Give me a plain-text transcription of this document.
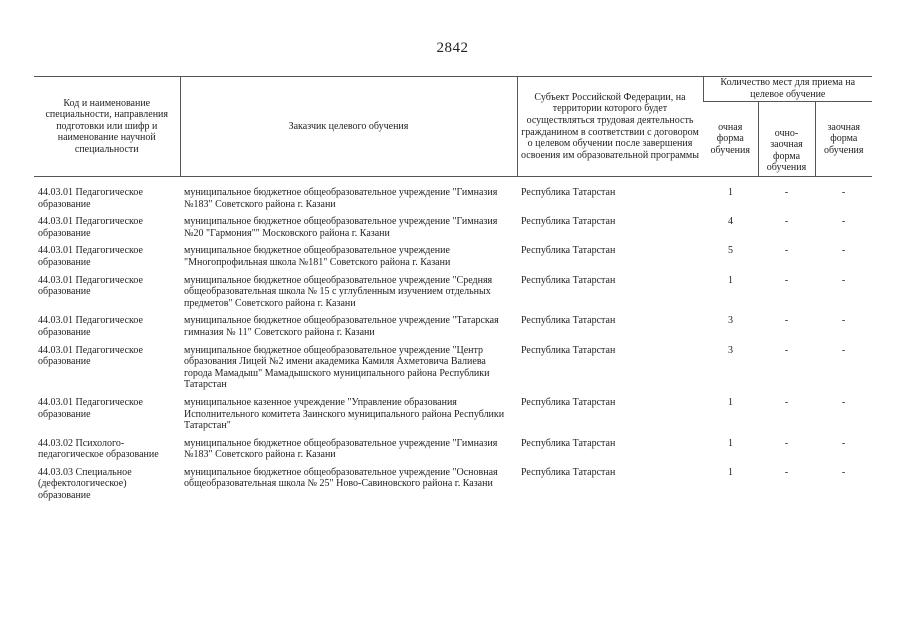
2842
Код и наименование специальности, направления подготовки или шифр и наименование научной специальности	Заказчик целевого обучения	Субъект Российской Федерации, на территории которого будет осуществляться трудовая деятельность гражданином в соответствии с договором о целевом обучении после завершения освоения им образовательной программы	Количество мест для приема на целевое обучение		
			очная форма обучения	очно-заочная форма обучения	заочная форма обучения

44.03.01 Педагогическое образование	муниципальное бюджетное общеобразовательное учреждение "Гимназия №183" Советского района г. Казани	Республика Татарстан	1	-	-
44.03.01 Педагогическое образование	муниципальное бюджетное общеобразовательное учреждение "Гимназия №20 "Гармония"" Московского района г. Казани	Республика Татарстан	4	-	-
44.03.01 Педагогическое образование	муниципальное бюджетное общеобразовательное учреждение "Многопрофильная школа №181" Советского района г. Казани	Республика Татарстан	5	-	-
44.03.01 Педагогическое образование	муниципальное бюджетное общеобразовательное учреждение "Средняя общеобразовательная школа № 15 с углубленным изучением отдельных предметов" Советского района г. Казани	Республика Татарстан	1	-	-
44.03.01 Педагогическое образование	муниципальное бюджетное общеобразовательное учреждение "Татарская гимназия № 11" Советского района г. Казани	Республика Татарстан	3	-	-
44.03.01 Педагогическое образование	муниципальное бюджетное общеобразовательное учреждение "Центр образования Лицей №2 имени академика Камиля Ахметовича Валиева города Мамадыш" Мамадышского муниципального района Республики Татарстан	Республика Татарстан	3	-	-
44.03.01 Педагогическое образование	муниципальное казенное учреждение "Управление образования Исполнительного комитета Заинского муниципального района Республики Татарстан"	Республика Татарстан	1	-	-
44.03.02 Психолого-педагогическое образование	муниципальное бюджетное общеобразовательное учреждение "Гимназия №183" Советского района г. Казани	Республика Татарстан	1	-	-
44.03.03 Специальное (дефектологическое) образование	муниципальное бюджетное общеобразовательное учреждение "Основная общеобразовательная школа № 25" Ново-Савиновского района г. Казани	Республика Татарстан	1	-	-
